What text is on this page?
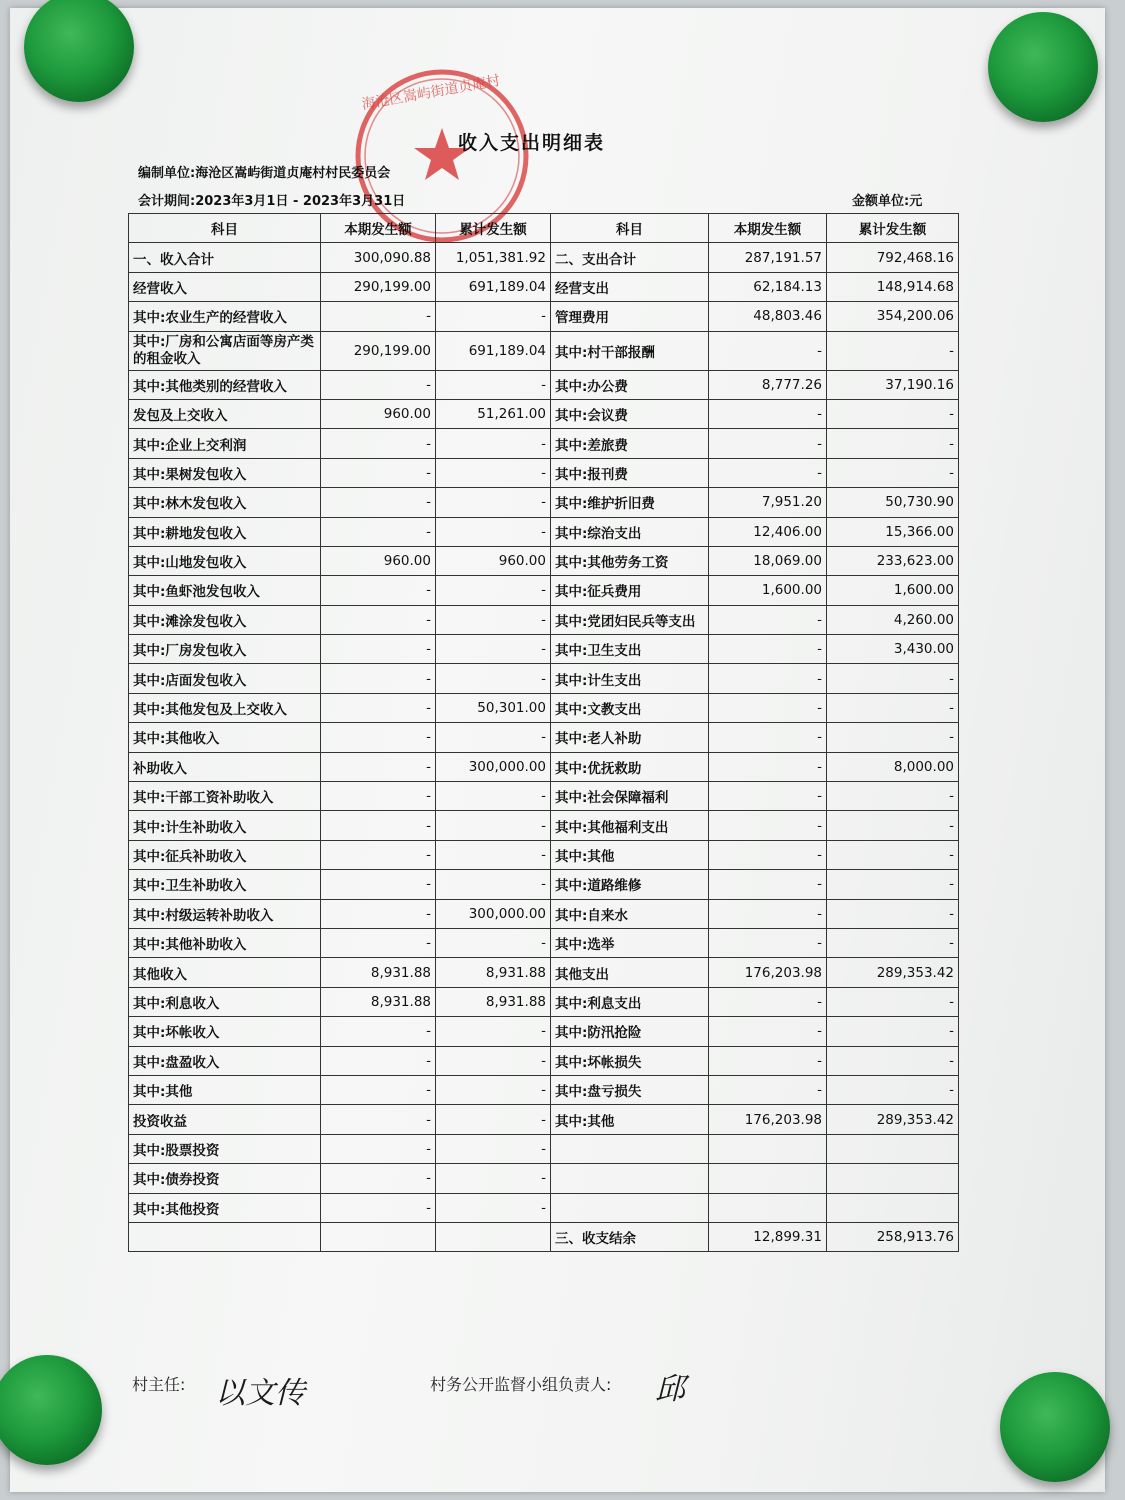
海沧区嵩屿街道贞庵村
收入支出明细表
编制单位:海沧区嵩屿街道贞庵村村民委员会
会计期间:2023年3月1日 - 2023年3月31日	金额单位:元
科目	本期发生额	累计发生额	科目	本期发生额	累计发生额
一、收入合计	300,090.88	1,051,381.92	二、支出合计	287,191.57	792,468.16
经营收入	290,199.00	691,189.04	经营支出	62,184.13	148,914.68
其中:农业生产的经营收入	-	-	管理费用	48,803.46	354,200.06
其中:厂房和公寓店面等房产类的租金收入	290,199.00	691,189.04	其中:村干部报酬	-	-
其中:其他类别的经营收入	-	-	其中:办公费	8,777.26	37,190.16
发包及上交收入	960.00	51,261.00	其中:会议费	-	-
其中:企业上交利润	-	-	其中:差旅费	-	-
其中:果树发包收入	-	-	其中:报刊费	-	-
其中:林木发包收入	-	-	其中:维护折旧费	7,951.20	50,730.90
其中:耕地发包收入	-	-	其中:综治支出	12,406.00	15,366.00
其中:山地发包收入	960.00	960.00	其中:其他劳务工资	18,069.00	233,623.00
其中:鱼虾池发包收入	-	-	其中:征兵费用	1,600.00	1,600.00
其中:滩涂发包收入	-	-	其中:党团妇民兵等支出	-	4,260.00
其中:厂房发包收入	-	-	其中:卫生支出	-	3,430.00
其中:店面发包收入	-	-	其中:计生支出	-	-
其中:其他发包及上交收入	-	50,301.00	其中:文教支出	-	-
其中:其他收入	-	-	其中:老人补助	-	-
补助收入	-	300,000.00	其中:优抚救助	-	8,000.00
其中:干部工资补助收入	-	-	其中:社会保障福利	-	-
其中:计生补助收入	-	-	其中:其他福利支出	-	-
其中:征兵补助收入	-	-	其中:其他	-	-
其中:卫生补助收入	-	-	其中:道路维修	-	-
其中:村级运转补助收入	-	300,000.00	其中:自来水	-	-
其中:其他补助收入	-	-	其中:选举	-	-
其他收入	8,931.88	8,931.88	其他支出	176,203.98	289,353.42
其中:利息收入	8,931.88	8,931.88	其中:利息支出	-	-
其中:坏帐收入	-	-	其中:防汛抢险	-	-
其中:盘盈收入	-	-	其中:坏帐损失	-	-
其中:其他	-	-	其中:盘亏损失	-	-
投资收益	-	-	其中:其他	176,203.98	289,353.42
其中:股票投资	-	-			
其中:债券投资	-	-			
其中:其他投资	-	-			
			三、收支结余	12,899.31	258,913.76
村主任: 以文传	村务公开监督小组负责人: 邱
